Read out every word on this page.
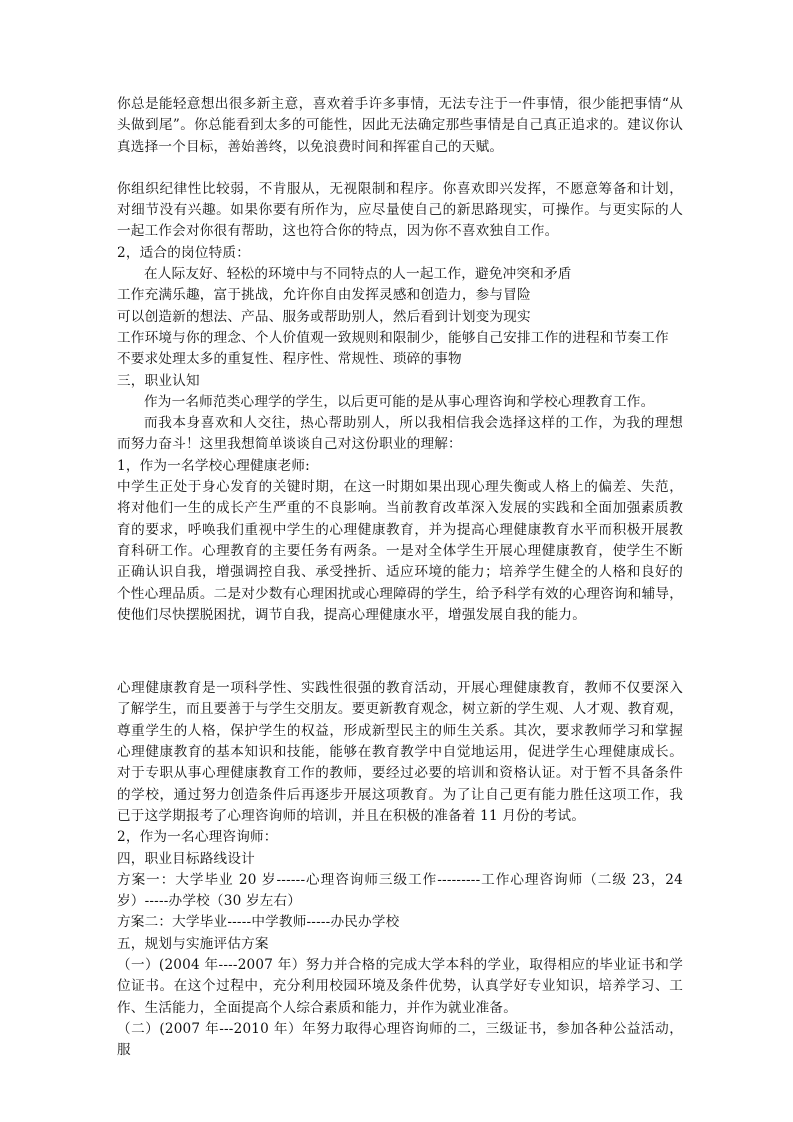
你总是能轻意想出很多新主意，喜欢着手许多事情，无法专注于一件事情，很少能把事情“从

头做到尾”。你总能看到太多的可能性，因此无法确定那些事情是自己真正追求的。建议你认

真选择一个目标，善始善终，以免浪费时间和挥霍自己的天赋。

你组织纪律性比较弱，不肯服从，无视限制和程序。你喜欢即兴发挥，不愿意筹备和计划，

对细节没有兴趣。如果你要有所作为，应尽量使自己的新思路现实，可操作。与更实际的人

一起工作会对你很有帮助，这也符合你的特点，因为你不喜欢独自工作。

2，适合的岗位特质：

在人际友好、轻松的环境中与不同特点的人一起工作，避免冲突和矛盾

工作充满乐趣，富于挑战，允许你自由发挥灵感和创造力，参与冒险

可以创造新的想法、产品、服务或帮助别人，然后看到计划变为现实

工作环境与你的理念、个人价值观一致规则和限制少，能够自己安排工作的进程和节奏工作

不要求处理太多的重复性、程序性、常规性、琐碎的事物

三，职业认知

作为一名师范类心理学的学生，以后更可能的是从事心理咨询和学校心理教育工作。

而我本身喜欢和人交往，热心帮助别人，所以我相信我会选择这样的工作，为我的理想

而努力奋斗！这里我想简单谈谈自己对这份职业的理解：

1，作为一名学校心理健康老师:

中学生正处于身心发育的关键时期，在这一时期如果出现心理失衡或人格上的偏差、失范，

将对他们一生的成长产生严重的不良影响。当前教育改革深入发展的实践和全面加强素质教

育的要求，呼唤我们重视中学生的心理健康教育，并为提高心理健康教育水平而积极开展教

育科研工作。心理教育的主要任务有两条。一是对全体学生开展心理健康教育，使学生不断

正确认识自我，增强调控自我、承受挫折、适应环境的能力；培养学生健全的人格和良好的

个性心理品质。二是对少数有心理困扰或心理障碍的学生，给予科学有效的心理咨询和辅导，

使他们尽快摆脱困扰，调节自我，提高心理健康水平，增强发展自我的能力。

心理健康教育是一项科学性、实践性很强的教育活动，开展心理健康教育，教师不仅要深入

了解学生，而且要善于与学生交朋友。要更新教育观念，树立新的学生观、人才观、教育观，

尊重学生的人格，保护学生的权益，形成新型民主的师生关系。其次，要求教师学习和掌握

心理健康教育的基本知识和技能，能够在教育教学中自觉地运用，促进学生心理健康成长。

对于专职从事心理健康教育工作的教师，要经过必要的培训和资格认证。对于暂不具备条件

的学校，通过努力创造条件后再逐步开展这项教育。为了让自己更有能力胜任这项工作，我

已于这学期报考了心理咨询师的培训，并且在积极的准备着 11 月份的考试。

2，作为一名心理咨询师：

四，职业目标路线设计

方案一：大学毕业 20 岁------心理咨询师三级工作---------工作心理咨询师（二级 23，24

岁）-----办学校（30 岁左右）

方案二：大学毕业-----中学教师-----办民办学校

五，规划与实施评估方案

（一）(2004 年----2007 年）努力并合格的完成大学本科的学业，取得相应的毕业证书和学

位证书。在这个过程中，充分利用校园环境及条件优势，认真学好专业知识，培养学习、工

作、生活能力，全面提高个人综合素质和能力，并作为就业准备。

（二）(2007 年---2010 年）年努力取得心理咨询师的二，三级证书，参加各种公益活动，服
